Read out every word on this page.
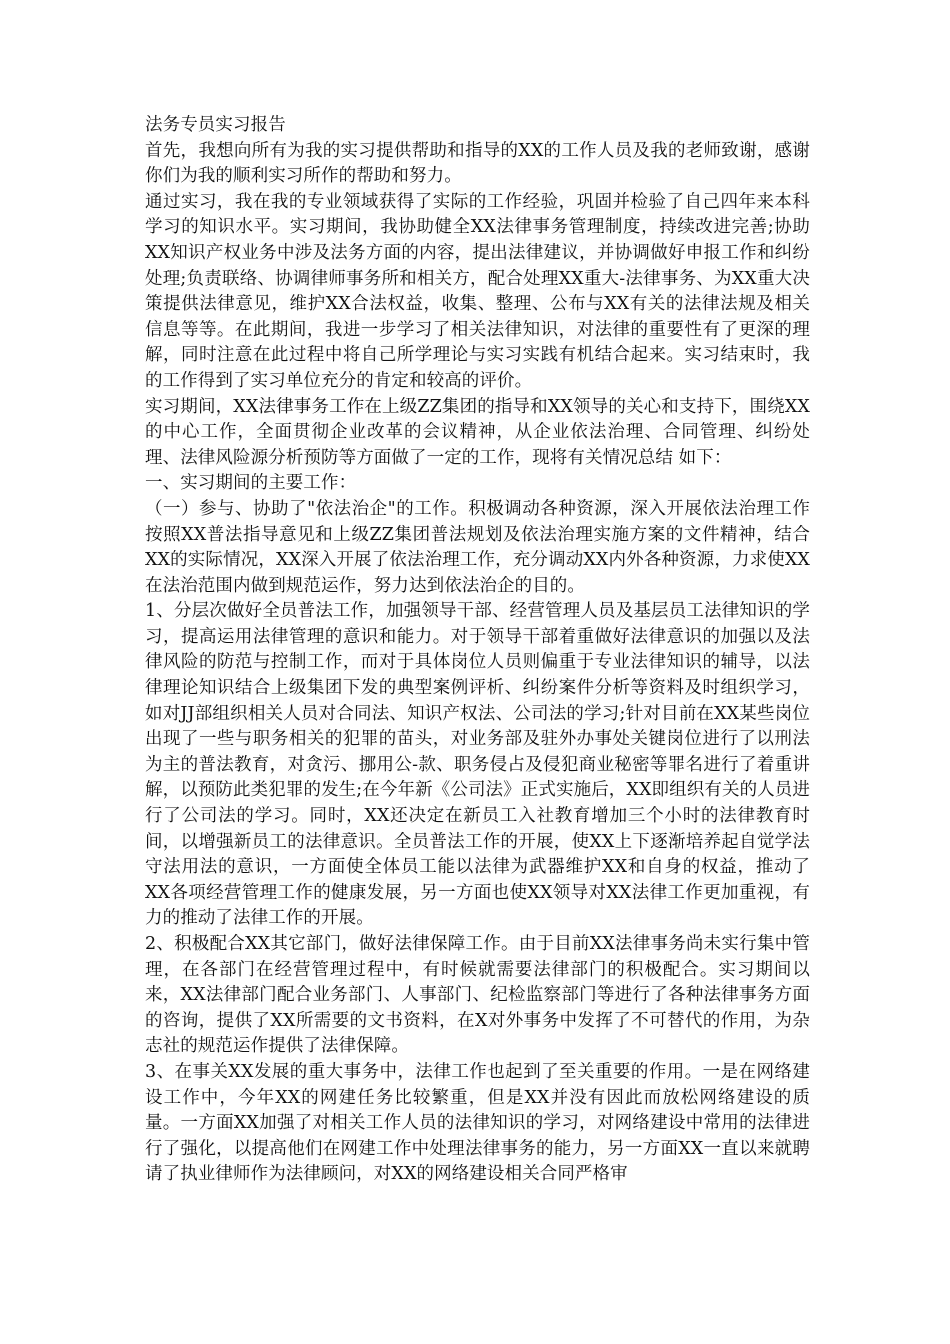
法务专员实习报告

首先，我想向所有为我的实习提供帮助和指导的XX的工作人员及我的老师致谢，感谢你们为我的顺利实习所作的帮助和努力。

通过实习，我在我的专业领域获得了实际的工作经验，巩固并检验了自己四年来本科学习的知识水平。实习期间，我协助健全XX法律事务管理制度，持续改进完善;协助XX知识产权业务中涉及法务方面的内容，提出法律建议，并协调做好申报工作和纠纷处理;负责联络、协调律师事务所和相关方，配合处理XX重大-法律事务、为XX重大决策提供法律意见，维护XX合法权益，收集、整理、公布与XX有关的法律法规及相关信息等等。在此期间，我进一步学习了相关法律知识，对法律的重要性有了更深的理解，同时注意在此过程中将自己所学理论与实习实践有机结合起来。实习结束时，我的工作得到了实习单位充分的肯定和较高的评价。

实习期间，XX法律事务工作在上级ZZ集团的指导和XX领导的关心和支持下，围绕XX的中心工作，全面贯彻企业改革的会议精神，从企业依法治理、合同管理、纠纷处理、法律风险源分析预防等方面做了一定的工作，现将有关情况总结 如下：

一、实习期间的主要工作：

（一）参与、协助了"依法治企"的工作。积极调动各种资源，深入开展依法治理工作按照XX普法指导意见和上级ZZ集团普法规划及依法治理实施方案的文件精神，结合XX的实际情况，XX深入开展了依法治理工作，充分调动XX内外各种资源，力求使XX在法治范围内做到规范运作，努力达到依法治企的目的。

1、分层次做好全员普法工作，加强领导干部、经营管理人员及基层员工法律知识的学习，提高运用法律管理的意识和能力。对于领导干部着重做好法律意识的加强以及法律风险的防范与控制工作，而对于具体岗位人员则偏重于专业法律知识的辅导，以法律理论知识结合上级集团下发的典型案例评析、纠纷案件分析等资料及时组织学习，如对JJ部组织相关人员对合同法、知识产权法、公司法的学习;针对目前在XX某些岗位出现了一些与职务相关的犯罪的苗头，对业务部及驻外办事处关键岗位进行了以刑法为主的普法教育，对贪污、挪用公-款、职务侵占及侵犯商业秘密等罪名进行了着重讲解，以预防此类犯罪的发生;在今年新《公司法》正式实施后，XX即组织有关的人员进行了公司法的学习。同时，XX还决定在新员工入社教育增加三个小时的法律教育时间，以增强新员工的法律意识。全员普法工作的开展，使XX上下逐渐培养起自觉学法守法用法的意识，一方面使全体员工能以法律为武器维护XX和自身的权益，推动了XX各项经营管理工作的健康发展，另一方面也使XX领导对XX法律工作更加重视，有力的推动了法律工作的开展。

2、积极配合XX其它部门，做好法律保障工作。由于目前XX法律事务尚未实行集中管理，在各部门在经营管理过程中，有时候就需要法律部门的积极配合。实习期间以来，XX法律部门配合业务部门、人事部门、纪检监察部门等进行了各种法律事务方面的咨询，提供了XX所需要的文书资料，在X对外事务中发挥了不可替代的作用，为杂志社的规范运作提供了法律保障。

3、在事关XX发展的重大事务中，法律工作也起到了至关重要的作用。一是在网络建设工作中，今年XX的网建任务比较繁重，但是XX并没有因此而放松网络建设的质量。一方面XX加强了对相关工作人员的法律知识的学习，对网络建设中常用的法律进行了强化，以提高他们在网建工作中处理法律事务的能力，另一方面XX一直以来就聘请了执业律师作为法律顾问，对XX的网络建设相关合同严格审
